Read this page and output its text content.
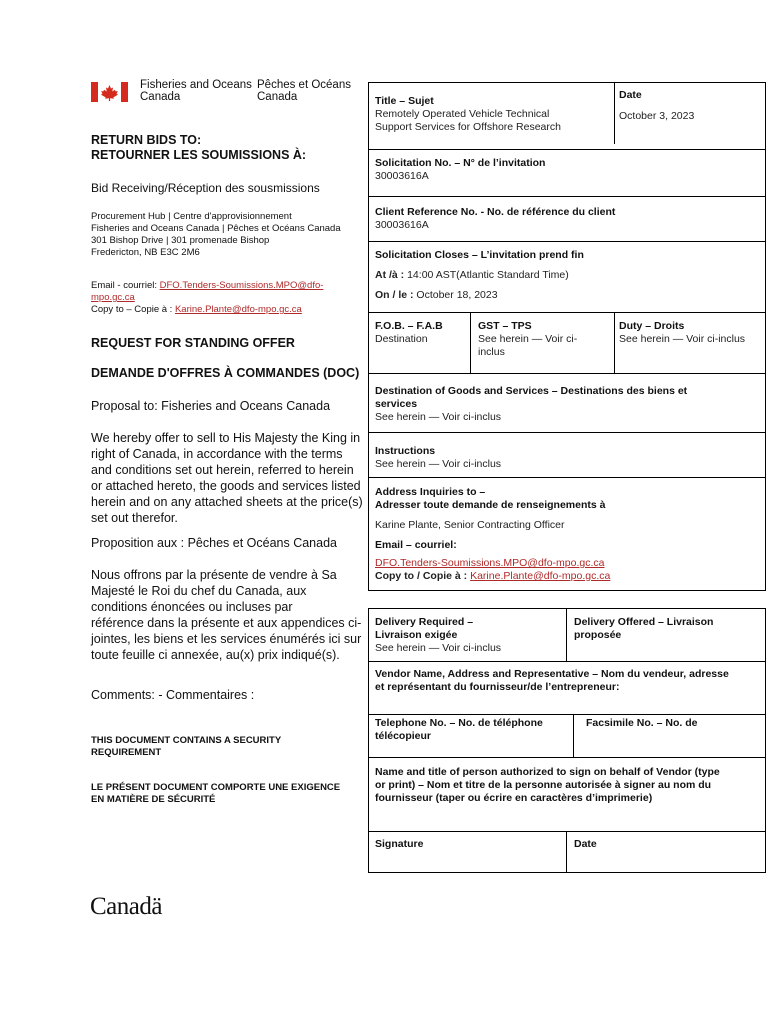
Fisheries and Oceans
Canada
Pêches et Océans
Canada
RETURN BIDS TO:
RETOURNER LES SOUMISSIONS À:
Bid Receiving/Réception des sousmissions
Procurement Hub | Centre d'approvisionnement
Fisheries and Oceans Canada | Pêches et Océans Canada
301 Bishop Drive | 301 promenade Bishop
Fredericton, NB E3C 2M6
Email - courriel: DFO.Tenders-Soumissions.MPO@dfo-
mpo.gc.ca
Copy to – Copie à : Karine.Plante@dfo-mpo.gc.ca
REQUEST FOR STANDING OFFER
DEMANDE D'OFFRES À COMMANDES (DOC)
Proposal to: Fisheries and Oceans Canada
We hereby offer to sell to His Majesty the King in
right of Canada, in accordance with the terms
and conditions set out herein, referred to herein
or attached hereto, the goods and services listed
herein and on any attached sheets at the price(s)
set out therefor.
Proposition aux : Pêches et Océans Canada
Nous offrons par la présente de vendre à Sa
Majesté le Roi du chef du Canada, aux
conditions énoncées ou incluses par
référence dans la présente et aux appendices ci-
jointes, les biens et les services énumérés ici sur
toute feuille ci annexée, au(x) prix indiqué(s).
Comments: - Commentaires :
THIS DOCUMENT CONTAINS A SECURITY
REQUIREMENT
LE PRÉSENT DOCUMENT COMPORTE UNE EXIGENCE
EN MATIÈRE DE SÉCURITÉ
Title – Sujet
Remotely Operated Vehicle Technical
Support Services for Offshore Research
Date
October 3, 2023
Solicitation No. – N° de l’invitation
30003616A
Client Reference No. - No. de référence du client
30003616A
Solicitation Closes – L’invitation prend fin
At /à : 14:00 AST(Atlantic Standard Time)
On / le : October 18, 2023
F.O.B. – F.A.B
Destination
GST – TPS
See herein — Voir ci-
inclus
Duty – Droits
See herein — Voir ci-inclus
Destination of Goods and Services – Destinations des biens et
services
See herein — Voir ci-inclus
Instructions
See herein — Voir ci-inclus
Address Inquiries to –
Adresser toute demande de renseignements à
Karine Plante, Senior Contracting Officer
Email – courriel:
DFO.Tenders-Soumissions.MPO@dfo-mpo.gc.ca
Copy to / Copie à : Karine.Plante@dfo-mpo.gc.ca
Delivery Required –
Livraison exigée
See herein — Voir ci-inclus
Delivery Offered – Livraison
proposée
Vendor Name, Address and Representative – Nom du vendeur, adresse
et représentant du fournisseur/de l’entrepreneur:
Telephone No. – No. de téléphone
télécopieur
Facsimile No. – No. de
Name and title of person authorized to sign on behalf of Vendor (type
or print) – Nom et titre de la personne autorisée à signer au nom du
fournisseur (taper ou écrire en caractères d’imprimerie)
Signature	Date
Canadä
